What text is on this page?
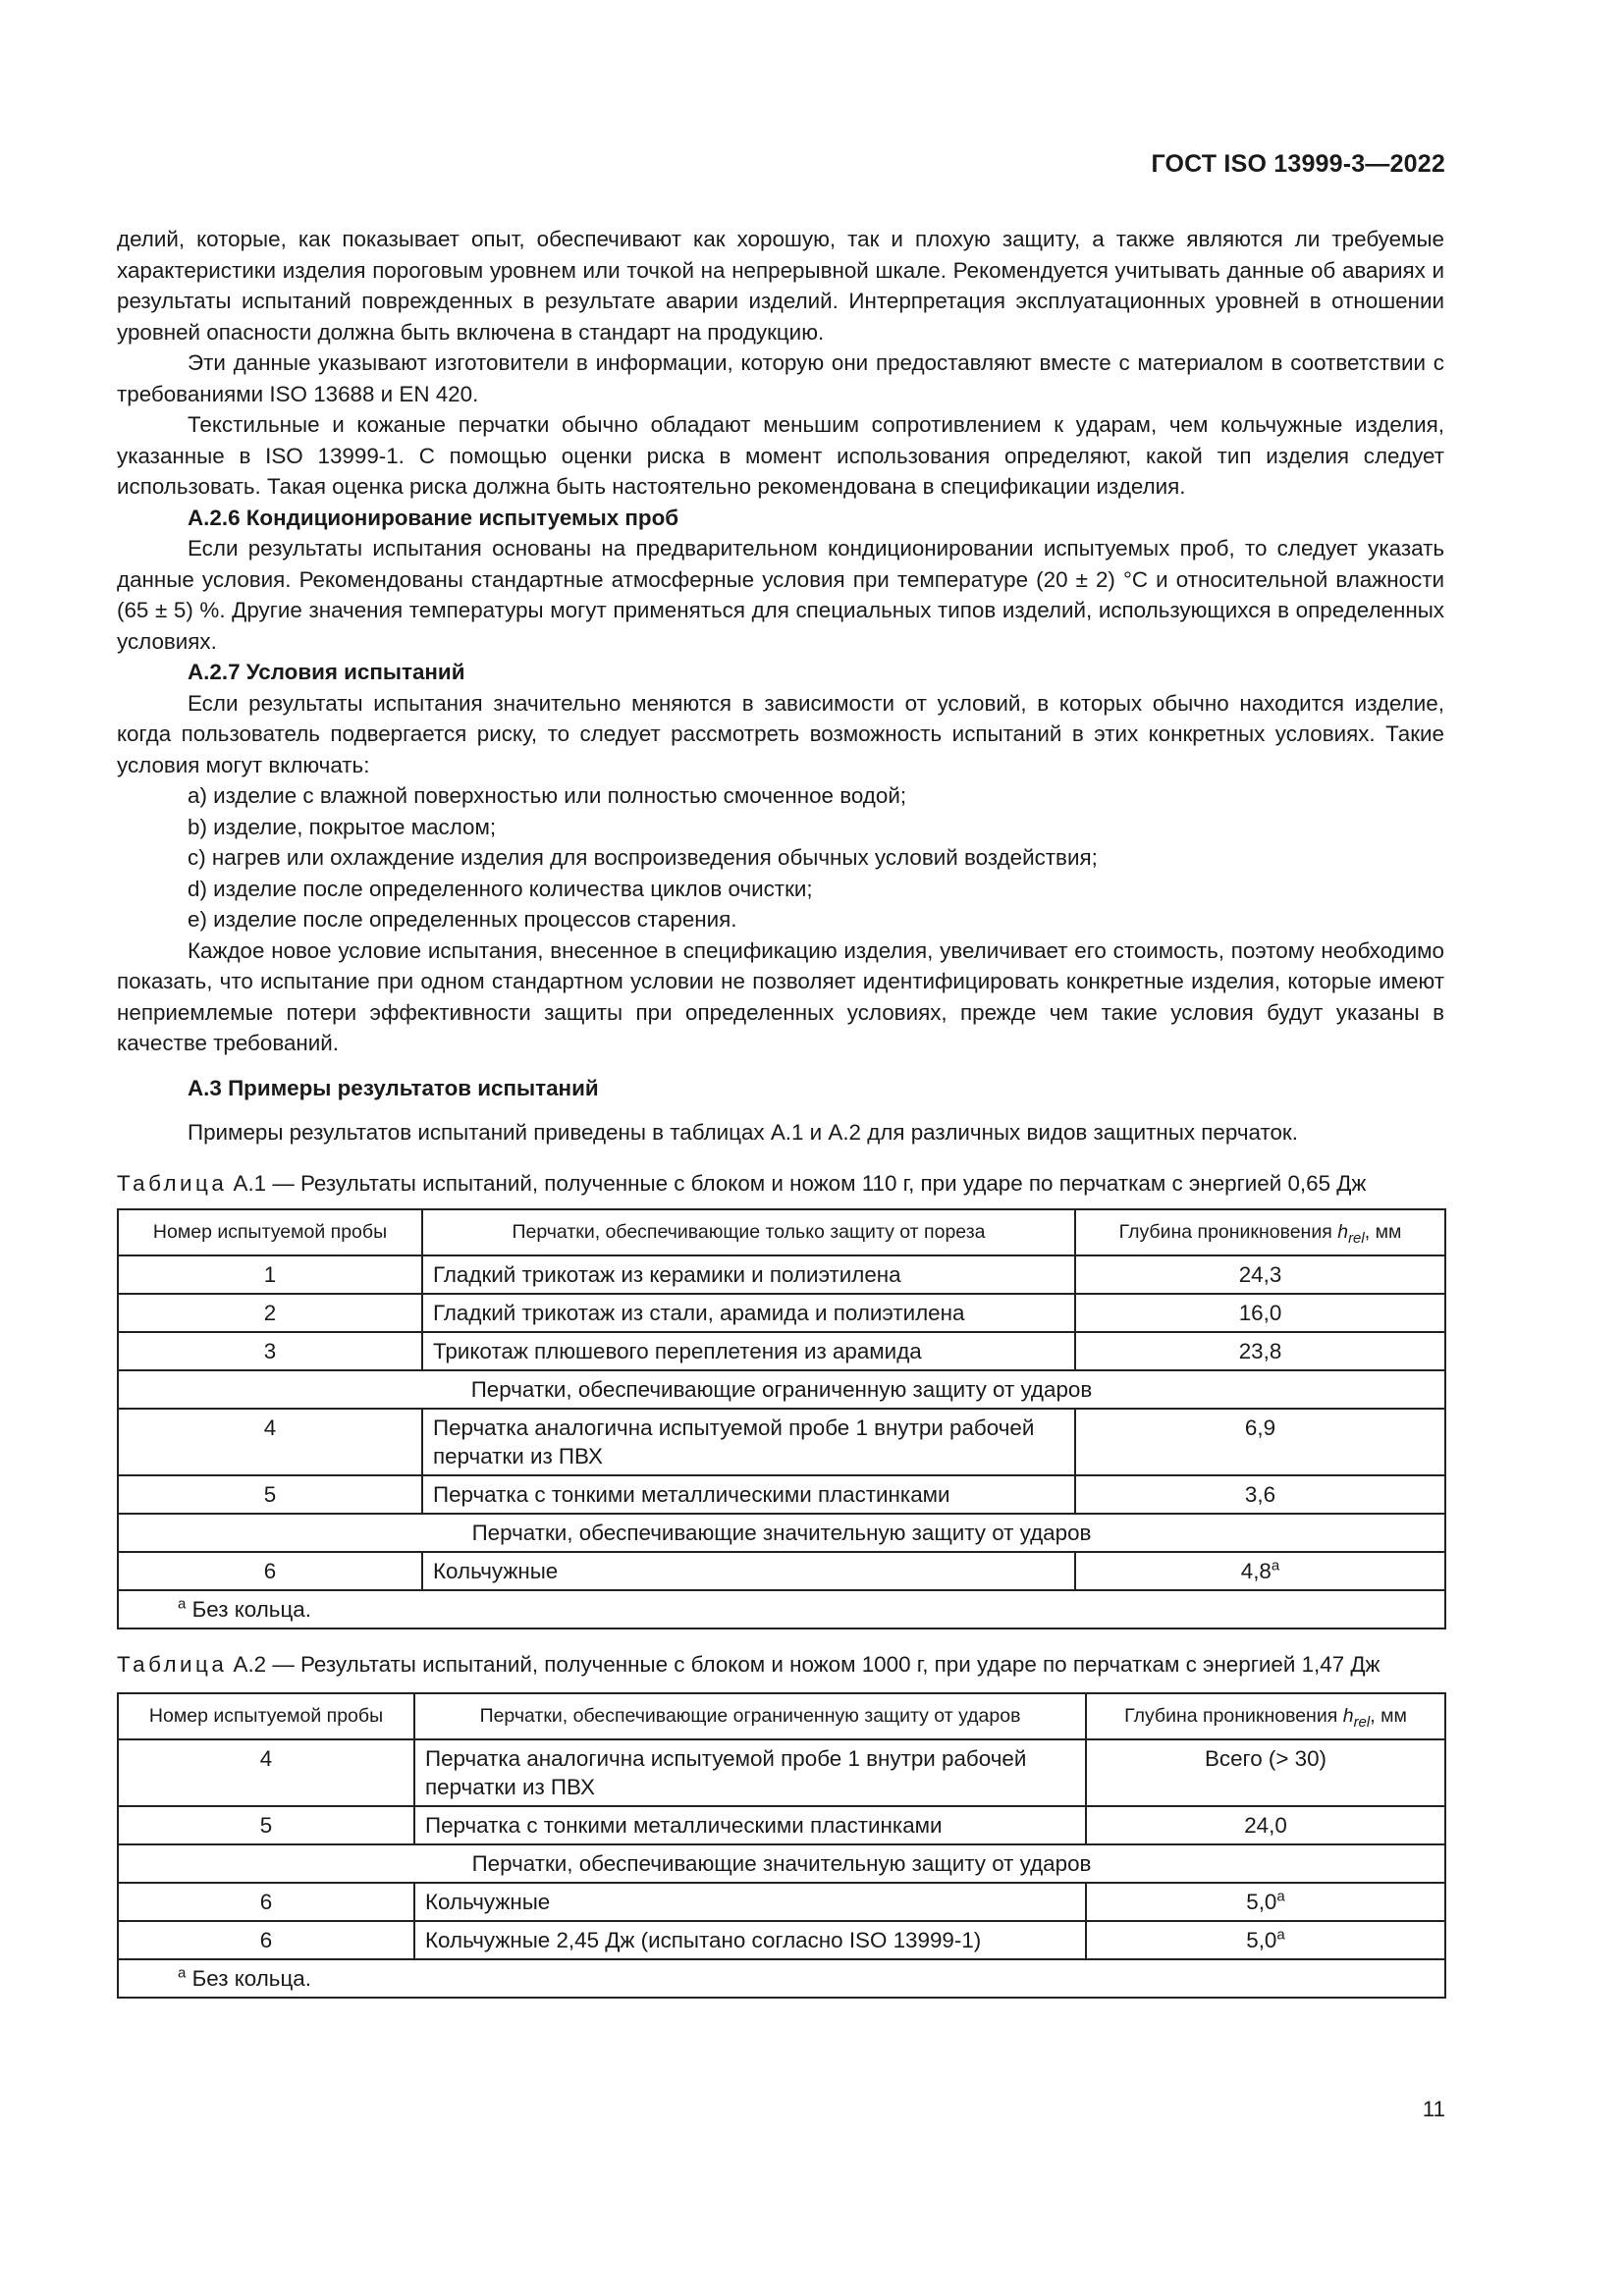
ГОСТ ISO 13999-3—2022

делий, которые, как показывает опыт, обеспечивают как хорошую, так и плохую защиту, а также являются ли требуемые характеристики изделия пороговым уровнем или точкой на непрерывной шкале. Рекомендуется учитывать данные об авариях и результаты испытаний поврежденных в результате аварии изделий. Интерпретация эксплуатационных уровней в отношении уровней опасности должна быть включена в стандарт на продукцию.

Эти данные указывают изготовители в информации, которую они предоставляют вместе с материалом в соответствии с требованиями ISO 13688 и EN 420.

Текстильные и кожаные перчатки обычно обладают меньшим сопротивлением к ударам, чем кольчужные изделия, указанные в ISO 13999-1. С помощью оценки риска в момент использования определяют, какой тип изделия следует использовать. Такая оценка риска должна быть настоятельно рекомендована в спецификации изделия.

А.2.6 Кондиционирование испытуемых проб

Если результаты испытания основаны на предварительном кондиционировании испытуемых проб, то следует указать данные условия. Рекомендованы стандартные атмосферные условия при температуре (20 ± 2) °С и относительной влажности (65 ± 5) %. Другие значения температуры могут применяться для специальных типов изделий, использующихся в определенных условиях.

А.2.7 Условия испытаний

Если результаты испытания значительно меняются в зависимости от условий, в которых обычно находится изделие, когда пользователь подвергается риску, то следует рассмотреть возможность испытаний в этих конкретных условиях. Такие условия могут включать:

а) изделие с влажной поверхностью или полностью смоченное водой;

b) изделие, покрытое маслом;

с) нагрев или охлаждение изделия для воспроизведения обычных условий воздействия;

d) изделие после определенного количества циклов очистки;

е) изделие после определенных процессов старения.

Каждое новое условие испытания, внесенное в спецификацию изделия, увеличивает его стоимость, поэтому необходимо показать, что испытание при одном стандартном условии не позволяет идентифицировать конкретные изделия, которые имеют неприемлемые потери эффективности защиты при определенных условиях, прежде чем такие условия будут указаны в качестве требований.

А.3 Примеры результатов испытаний

Примеры результатов испытаний приведены в таблицах А.1 и А.2 для различных видов защитных перчаток.

Таблица А.1 — Результаты испытаний, полученные с блоком и ножом 110 г, при ударе по перчаткам с энергией 0,65 Дж

Номер испытуемой пробы	Перчатки, обеспечивающие только защиту от пореза	Глубина проникновения $h_{rel}$, мм
1	Гладкий трикотаж из керамики и полиэтилена	24,3
2	Гладкий трикотаж из стали, арамида и полиэтилена	16,0
3	Трикотаж плюшевого переплетения из арамида	23,8
Перчатки, обеспечивающие ограниченную защиту от ударов		
4	Перчатка аналогична испытуемой пробе 1 внутри рабочей перчатки из ПВХ	6,9
5	Перчатка с тонкими металлическими пластинками	3,6
Перчатки, обеспечивающие значительную защиту от ударов		
6	Кольчужные	4,8$^a$
$^a$ Без кольца.		

Таблица А.2 — Результаты испытаний, полученные с блоком и ножом 1000 г, при ударе по перчаткам с энергией 1,47 Дж

Номер испытуемой пробы	Перчатки, обеспечивающие ограниченную защиту от ударов	Глубина проникновения $h_{rel}$, мм
4	Перчатка аналогична испытуемой пробе 1 внутри рабочей перчатки из ПВХ	Всего (> 30)
5	Перчатка с тонкими металлическими пластинками	24,0
Перчатки, обеспечивающие значительную защиту от ударов		
6	Кольчужные	5,0$^a$
6	Кольчужные 2,45 Дж (испытано согласно ISO 13999-1)	5,0$^a$
$^a$ Без кольца.		
11
